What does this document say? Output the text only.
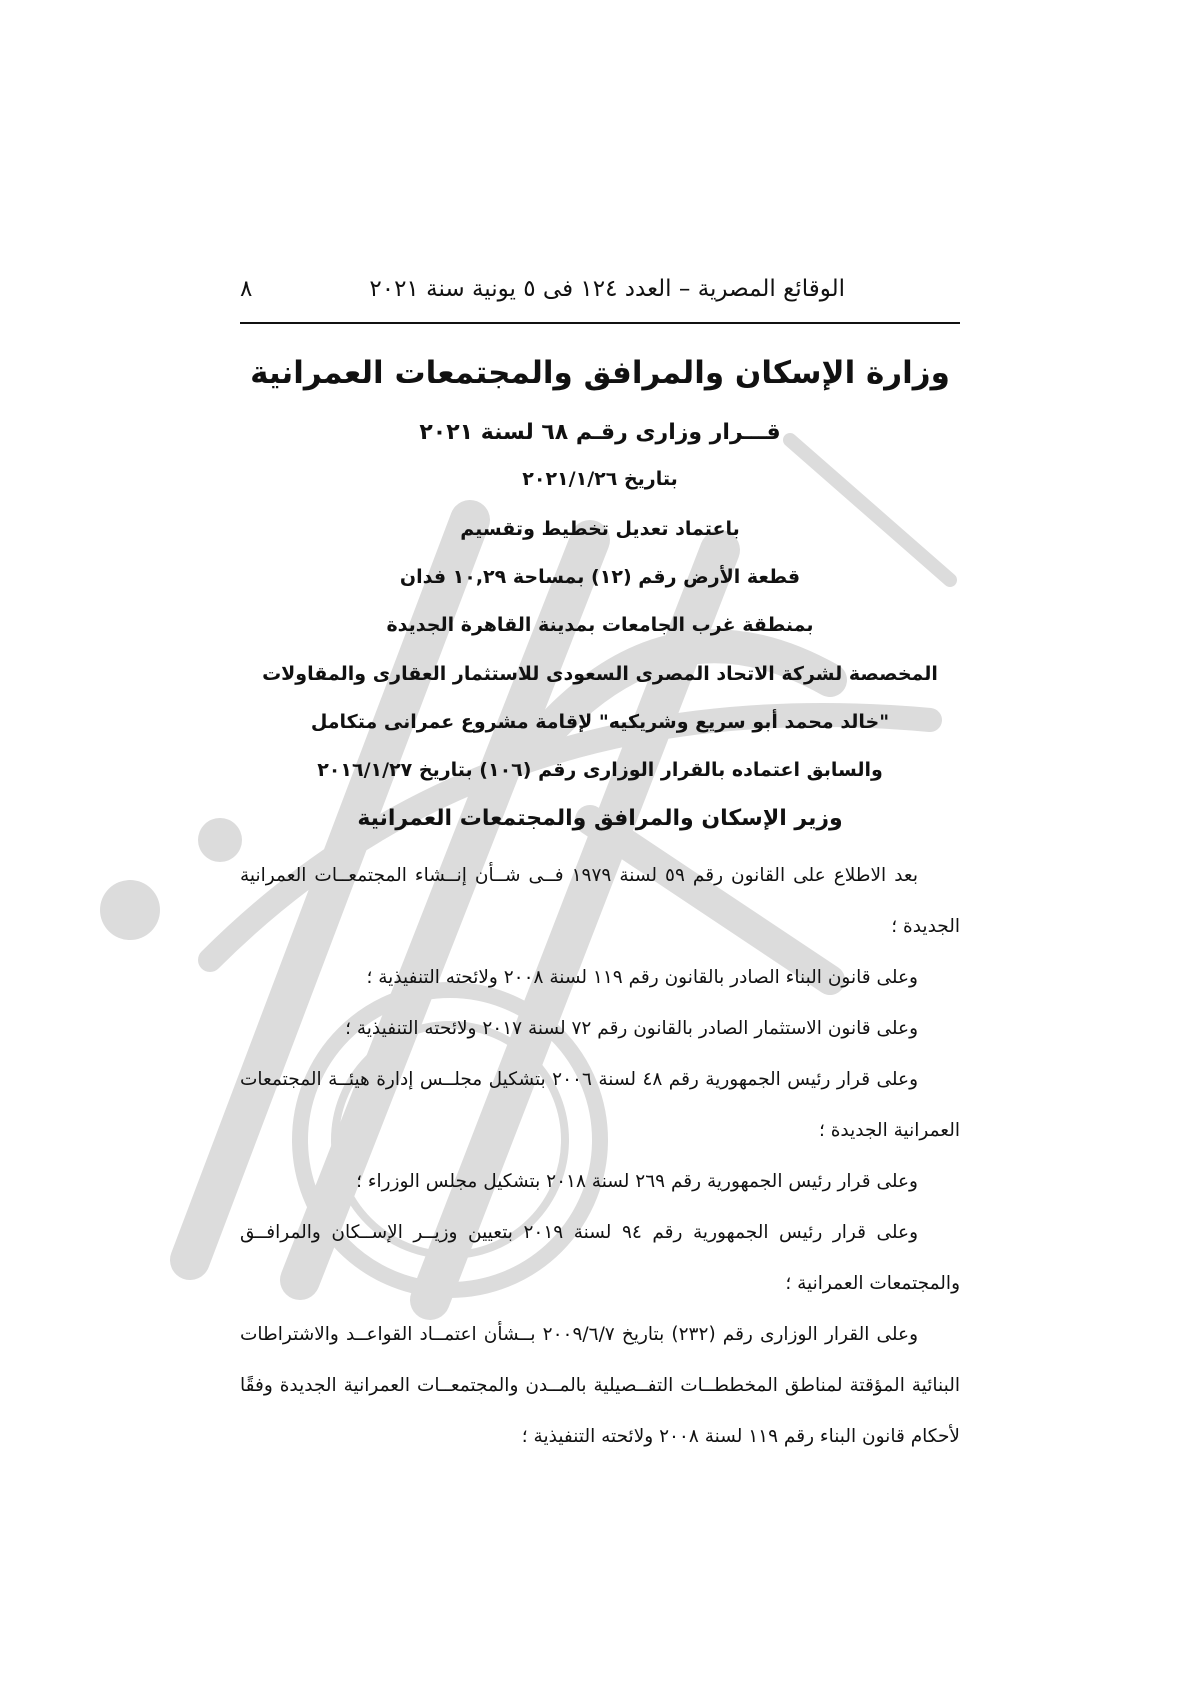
الوقائع المصرية – العدد ١٢٤ فى ٥ يونية سنة ٢٠٢١
٨
وزارة الإسكان والمرافق والمجتمعات العمرانية
قـــرار وزارى رقـم ٦٨ لسنة ٢٠٢١
بتاريخ ٢٠٢١/١/٢٦
باعتماد تعديل تخطيط وتقسيم
قطعة الأرض رقم (١٢) بمساحة ١٠,٢٩ فدان
بمنطقة غرب الجامعات بمدينة القاهرة الجديدة
المخصصة لشركة الاتحاد المصرى السعودى للاستثمار العقارى والمقاولات
"خالد محمد أبو سريع وشريكيه" لإقامة مشروع عمرانى متكامل
والسابق اعتماده بالقرار الوزارى رقم (١٠٦) بتاريخ ٢٠١٦/١/٢٧
وزير الإسكان والمرافق والمجتمعات العمرانية

بعد الاطلاع على القانون رقم ٥٩ لسنة ١٩٧٩ فــى شــأن إنــشاء المجتمعــات العمرانية الجديدة ؛

وعلى قانون البناء الصادر بالقانون رقم ١١٩ لسنة ٢٠٠٨ ولائحته التنفيذية ؛

وعلى قانون الاستثمار الصادر بالقانون رقم ٧٢ لسنة ٢٠١٧ ولائحته التنفيذية ؛

وعلى قرار رئيس الجمهورية رقم ٤٨ لسنة ٢٠٠٦ بتشكيل مجلــس إدارة هيئــة المجتمعات العمرانية الجديدة ؛

وعلى قرار رئيس الجمهورية رقم ٢٦٩ لسنة ٢٠١٨ بتشكيل مجلس الوزراء ؛

وعلى قرار رئيس الجمهورية رقم ٩٤ لسنة ٢٠١٩ بتعيين وزيــر الإســكان والمرافــق والمجتمعات العمرانية ؛

وعلى القرار الوزارى رقم (٢٣٢) بتاريخ ٢٠٠٩/٦/٧ بــشأن اعتمــاد القواعــد والاشتراطات البنائية المؤقتة لمناطق المخططــات التفــصيلية بالمــدن والمجتمعــات العمرانية الجديدة وفقًا لأحكام قانون البناء رقم ١١٩ لسنة ٢٠٠٨ ولائحته التنفيذية ؛
